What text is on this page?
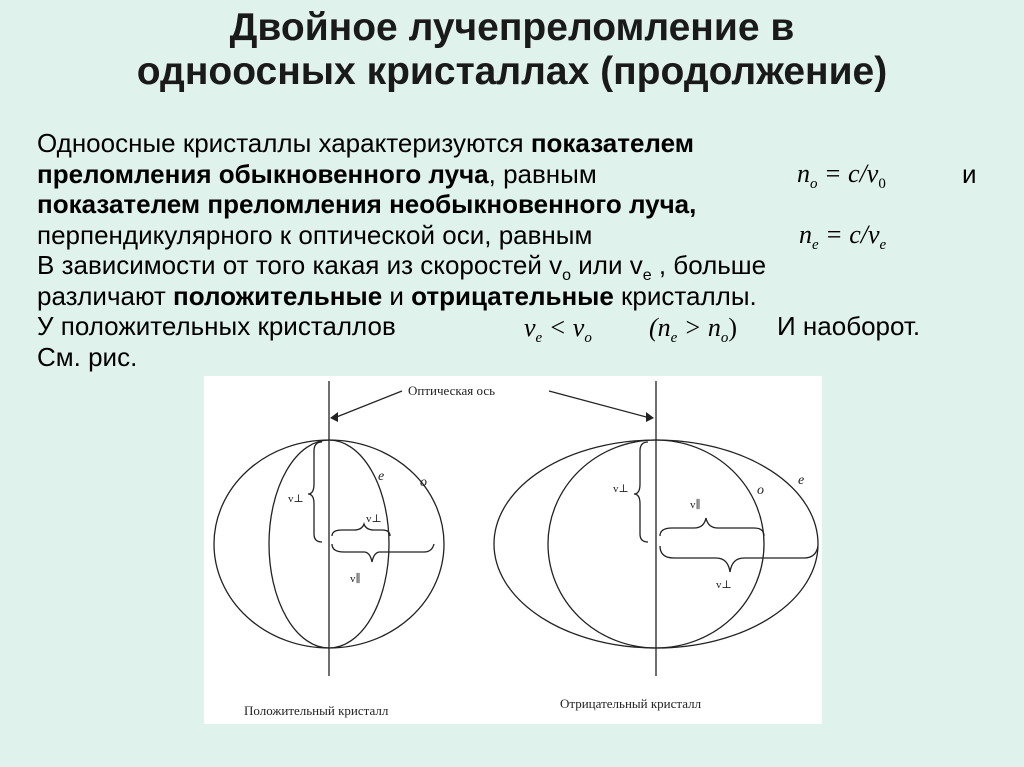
Двойное лучепреломление в
одноосных кристаллах (продолжение)
Одноосные кристаллы характеризуются показателем
преломления обыкновенного луча, равным	$n_o = c/v_0$	и
показателем преломления необыкновенного луча,
перпендикулярного к оптической оси, равным	$n_e = c/v_e$
В зависимости от того какая из скоростей $v_o$ или $v_e$ , больше
различают положительные и отрицательные кристаллы.
У положительных кристаллов	$v_e < v_o$ $(n_e > n_o)$ И наоборот.
См. рис.
Оптическая ось
Положительный кристалл	Отрицательный кристалл
v⊥
v⊥
v∥
v⊥
v∥
v⊥
e	o
o
e
